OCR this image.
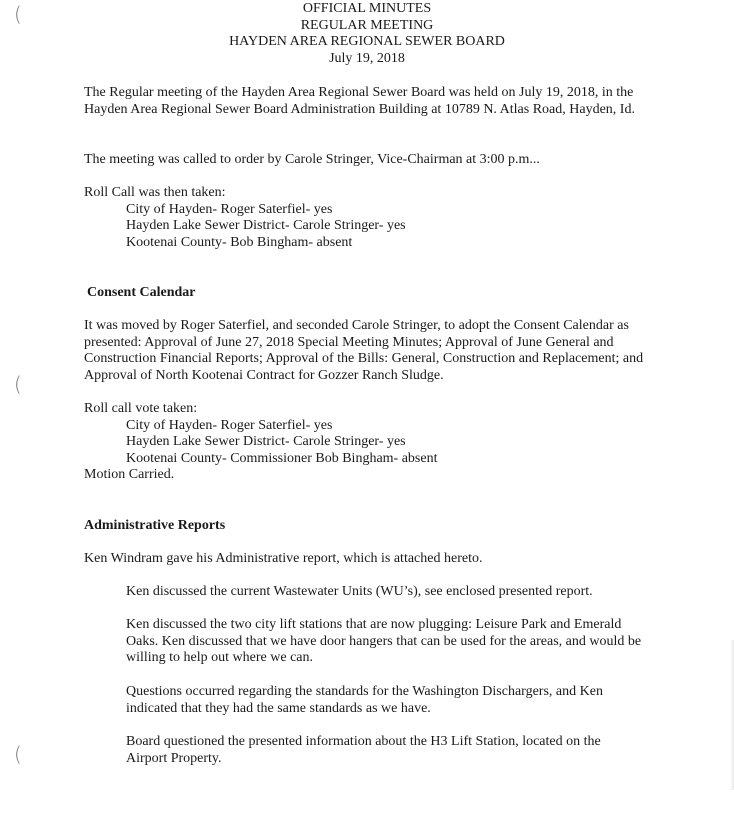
(
(
(
OFFICIAL MINUTES
REGULAR MEETING
HAYDEN AREA REGIONAL SEWER BOARD
July 19, 2018

The Regular meeting of the Hayden Area Regional Sewer Board was held on July 19, 2018, in the Hayden Area Regional Sewer Board Administration Building at 10789 N. Atlas Road, Hayden, Id.

The meeting was called to order by Carole Stringer, Vice-Chairman at 3:00 p.m...

Roll Call was then taken:

City of Hayden- Roger Saterfiel- yes

Hayden Lake Sewer District- Carole Stringer- yes

Kootenai County- Bob Bingham- absent

Consent Calendar

It was moved by Roger Saterfiel, and seconded Carole Stringer, to adopt the Consent Calendar as presented: Approval of June 27, 2018 Special Meeting Minutes; Approval of June General and Construction Financial Reports; Approval of the Bills: General, Construction and Replacement; and Approval of North Kootenai Contract for Gozzer Ranch Sludge.

Roll call vote taken:

City of Hayden- Roger Saterfiel- yes

Hayden Lake Sewer District- Carole Stringer- yes

Kootenai County- Commissioner Bob Bingham- absent

Motion Carried.

Administrative Reports

Ken Windram gave his Administrative report, which is attached hereto.

Ken discussed the current Wastewater Units (WU’s), see enclosed presented report.

Ken discussed the two city lift stations that are now plugging: Leisure Park and Emerald Oaks. Ken discussed that we have door hangers that can be used for the areas, and would be willing to help out where we can.

Questions occurred regarding the standards for the Washington Dischargers, and Ken indicated that they had the same standards as we have.

Board questioned the presented information about the H3 Lift Station, located on the Airport Property.
